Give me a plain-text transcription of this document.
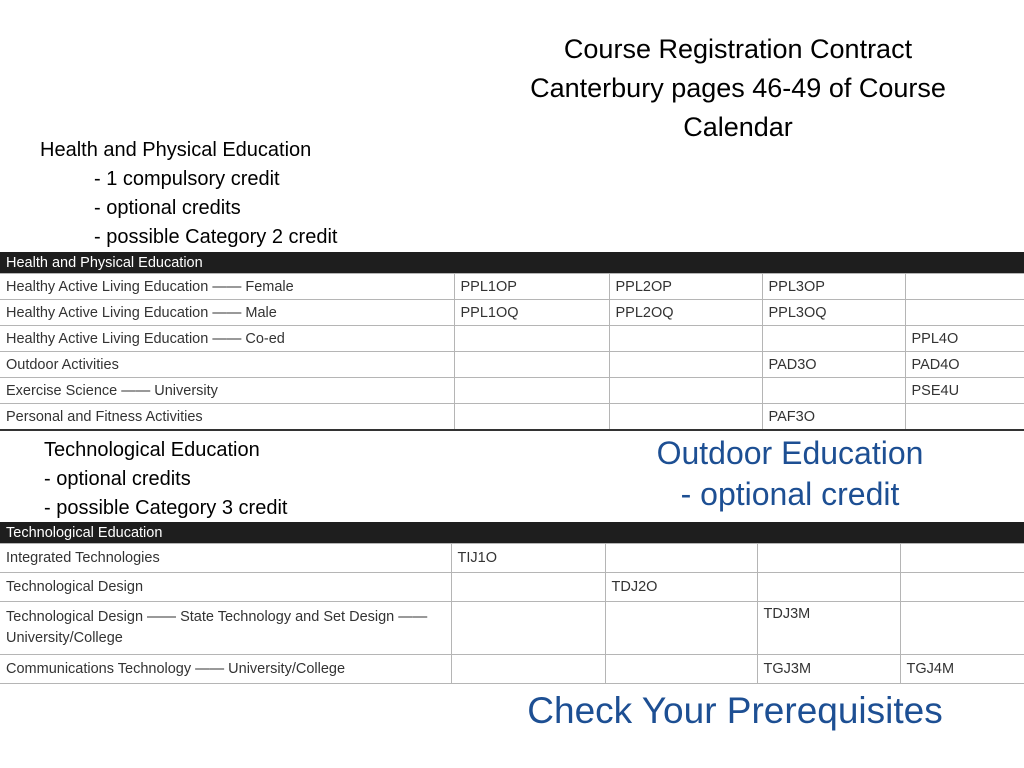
Course Registration Contract
Canterbury pages 46-49 of Course
Calendar
Health and Physical Education
- 1 compulsory credit
- optional credits
- possible Category 2 credit
Health and Physical Education				
Healthy Active Living Education —— Female	PPL1OP	PPL2OP	PPL3OP	
Healthy Active Living Education —— Male	PPL1OQ	PPL2OQ	PPL3OQ	
Healthy Active Living Education —— Co-ed				PPL4O
Outdoor Activities			PAD3O	PAD4O
Exercise Science —— University				PSE4U
Personal and Fitness Activities			PAF3O	
Technological Education
- optional credits
- possible Category 3 credit
Outdoor Education
- optional credit
Technological Education				
Integrated Technologies	TIJ1O			
Technological Design		TDJ2O		
Technological Design —— State Technology and Set Design —— University/College			TDJ3M	
Communications Technology —— University/College			TGJ3M	TGJ4M
Check Your Prerequisites
